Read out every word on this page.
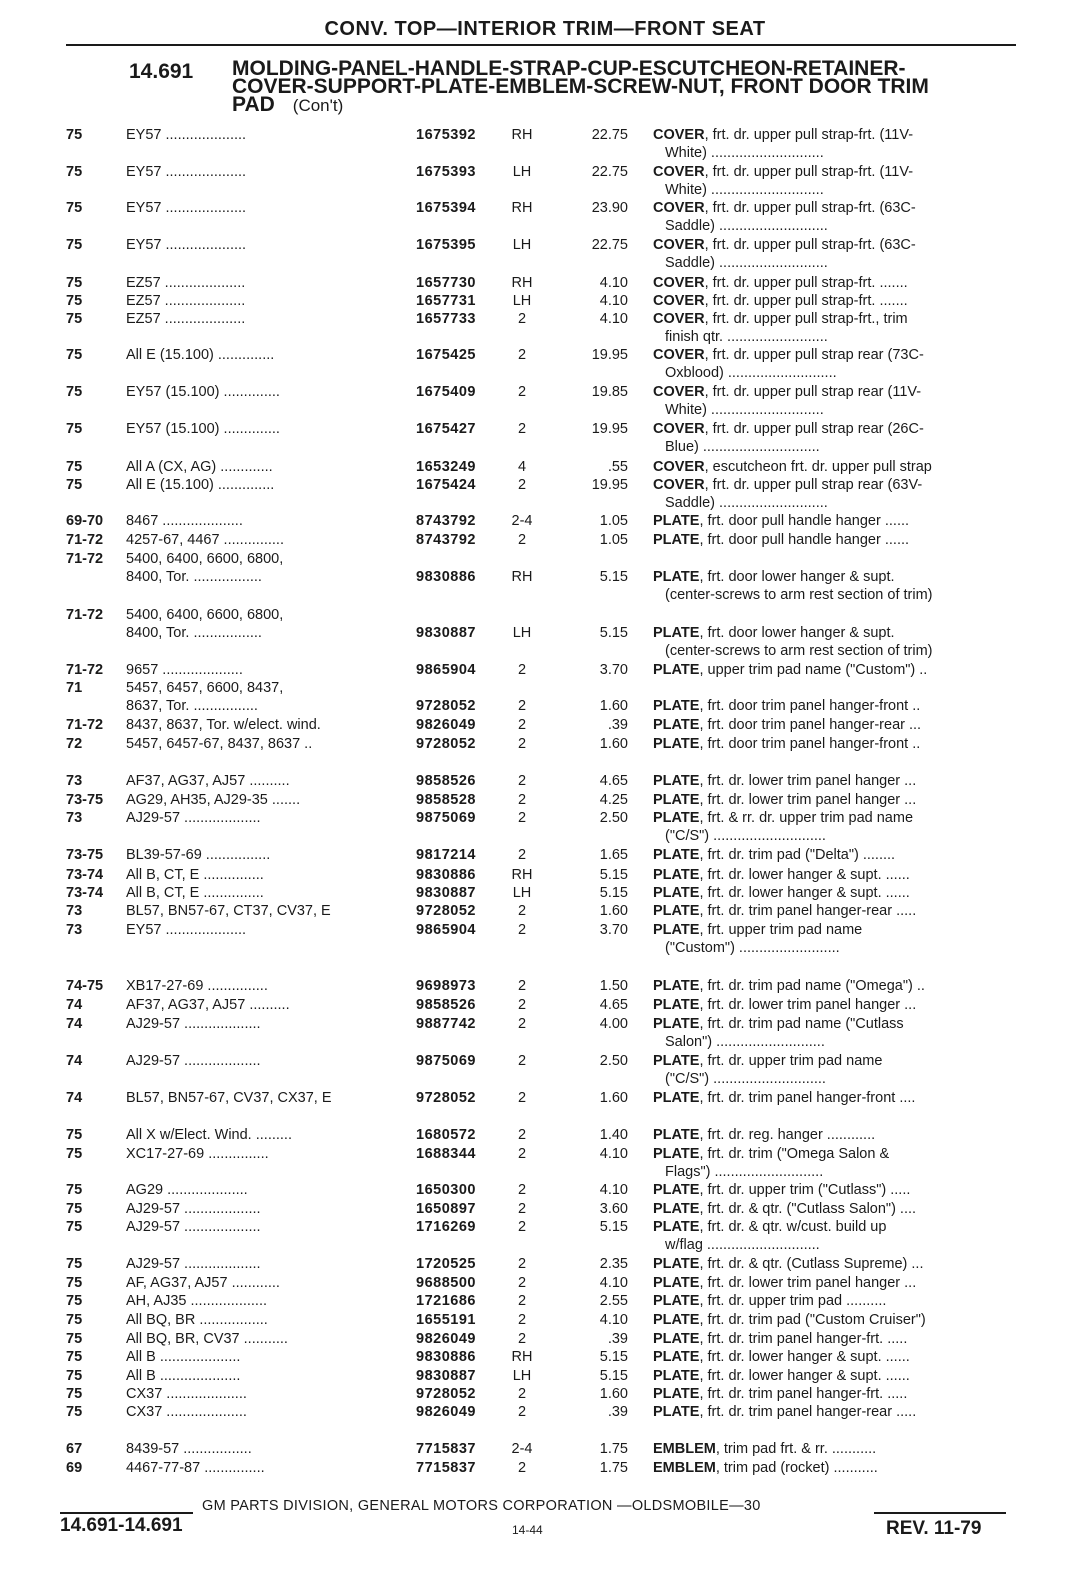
CONV. TOP—INTERIOR TRIM—FRONT SEAT
14.691 MOLDING-PANEL-HANDLE-STRAP-CUP-ESCUTCHEON-RETAINER-
COVER-SUPPORT-PLATE-EMBLEM-SCREW-NUT, FRONT DOOR TRIM
PAD (Con't)
75	EY57 ....................	1675392	RH	22.75 COVER, frt. dr. upper pull strap-frt. (11V-
White) ............................
75	EY57 ....................	1675393	LH	22.75 COVER, frt. dr. upper pull strap-frt. (11V-
White) ............................
75	EY57 ....................	1675394	RH	23.90 COVER, frt. dr. upper pull strap-frt. (63C-
Saddle) ...........................
75	EY57 ....................	1675395	LH	22.75 COVER, frt. dr. upper pull strap-frt. (63C-
Saddle) ...........................
75	EZ57 ....................	1657730	RH	4.10 COVER, frt. dr. upper pull strap-frt. .......
75	EZ57 ....................	1657731	LH	4.10 COVER, frt. dr. upper pull strap-frt. .......
75	EZ57 ....................	1657733	2	4.10 COVER, frt. dr. upper pull strap-frt., trim
finish qtr. .........................
75	All E (15.100) ..............	1675425	2	19.95 COVER, frt. dr. upper pull strap rear (73C-
Oxblood) ...........................
75	EY57 (15.100) ..............	1675409	2	19.85 COVER, frt. dr. upper pull strap rear (11V-
White) ............................
75	EY57 (15.100) ..............	1675427	2	19.95 COVER, frt. dr. upper pull strap rear (26C-
Blue) .............................
75	All A (CX, AG) .............	1653249	4	.55 COVER, escutcheon frt. dr. upper pull strap
75	All E (15.100) ..............	1675424	2	19.95 COVER, frt. dr. upper pull strap rear (63V-
Saddle) ...........................
69-70 8467 ....................	8743792	2-4	1.05 PLATE, frt. door pull handle hanger ......
71-72 4257-67, 4467 ...............	8743792	2	1.05 PLATE, frt. door pull handle hanger ......
71-72 5400, 6400, 6600, 6800,
8400, Tor. .................	9830886	RH	5.15 PLATE, frt. door lower hanger & supt.
(center-screws to arm rest section of trim)
71-72 5400, 6400, 6600, 6800,
8400, Tor. .................	9830887	LH	5.15 PLATE, frt. door lower hanger & supt.
(center-screws to arm rest section of trim)
71-72 9657 ....................	9865904	2	3.70 PLATE, upper trim pad name ("Custom") ..
71	5457, 6457, 6600, 8437,
8637, Tor. ................	9728052	2	1.60 PLATE, frt. door trim panel hanger-front ..
71-72 8437, 8637, Tor. w/elect. wind.	9826049	2	.39 PLATE, frt. door trim panel hanger-rear ...
72	5457, 6457-67, 8437, 8637 ..	9728052	2	1.60 PLATE, frt. door trim panel hanger-front ..
73	AF37, AG37, AJ57 ..........	9858526	2	4.65 PLATE, frt. dr. lower trim panel hanger ...
73-75 AG29, AH35, AJ29-35 .......	9858528	2	4.25 PLATE, frt. dr. lower trim panel hanger ...
73	AJ29-57 ...................	9875069	2	2.50 PLATE, frt. & rr. dr. upper trim pad name
("C/S") ............................
73-75 BL39-57-69 ................	9817214	2	1.65 PLATE, frt. dr. trim pad ("Delta") ........
73-74 All B, CT, E ...............	9830886	RH	5.15 PLATE, frt. dr. lower hanger & supt. ......
73-74 All B, CT, E ...............	9830887	LH	5.15 PLATE, frt. dr. lower hanger & supt. ......
73	BL57, BN57-67, CT37, CV37, E	9728052	2	1.60 PLATE, frt. dr. trim panel hanger-rear .....
73	EY57 ....................	9865904	2	3.70 PLATE, frt. upper trim pad name
("Custom") .........................
74-75 XB17-27-69 ...............	9698973	2	1.50 PLATE, frt. dr. trim pad name ("Omega") ..
74	AF37, AG37, AJ57 ..........	9858526	2	4.65 PLATE, frt. dr. lower trim panel hanger ...
74	AJ29-57 ...................	9887742	2	4.00 PLATE, frt. dr. trim pad name ("Cutlass
Salon") ...........................
74	AJ29-57 ...................	9875069	2	2.50 PLATE, frt. dr. upper trim pad name
("C/S") ............................
74	BL57, BN57-67, CV37, CX37, E	9728052	2	1.60 PLATE, frt. dr. trim panel hanger-front ....
75	All X w/Elect. Wind. .........	1680572	2	1.40 PLATE, frt. dr. reg. hanger ............
75	XC17-27-69 ...............	1688344	2	4.10 PLATE, frt. dr. trim ("Omega Salon &
Flags") ...........................
75	AG29 ....................	1650300	2	4.10 PLATE, frt. dr. upper trim ("Cutlass") .....
75	AJ29-57 ...................	1650897	2	3.60 PLATE, frt. dr. & qtr. ("Cutlass Salon") ....
75	AJ29-57 ...................	1716269	2	5.15 PLATE, frt. dr. & qtr. w/cust. build up
w/flag ............................
75	AJ29-57 ...................	1720525	2	2.35 PLATE, frt. dr. & qtr. (Cutlass Supreme) ...
75	AF, AG37, AJ57 ............	9688500	2	4.10 PLATE, frt. dr. lower trim panel hanger ...
75	AH, AJ35 ...................	1721686	2	2.55 PLATE, frt. dr. upper trim pad ..........
75	All BQ, BR .................	1655191	2	4.10 PLATE, frt. dr. trim pad ("Custom Cruiser")
75	All BQ, BR, CV37 ...........	9826049	2	.39 PLATE, frt. dr. trim panel hanger-frt. .....
75	All B ....................	9830886	RH	5.15 PLATE, frt. dr. lower hanger & supt. ......
75	All B ....................	9830887	LH	5.15 PLATE, frt. dr. lower hanger & supt. ......
75	CX37 ....................	9728052	2	1.60 PLATE, frt. dr. trim panel hanger-frt. .....
75	CX37 ....................	9826049	2	.39 PLATE, frt. dr. trim panel hanger-rear .....
67	8439-57 .................	7715837	2-4	1.75 EMBLEM, trim pad frt. & rr. ...........
69	4467-77-87 ...............	7715837	2	1.75 EMBLEM, trim pad (rocket) ...........
GM PARTS DIVISION, GENERAL MOTORS CORPORATION —OLDSMOBILE—30
14.691-14.691	14-44	REV. 11-79
